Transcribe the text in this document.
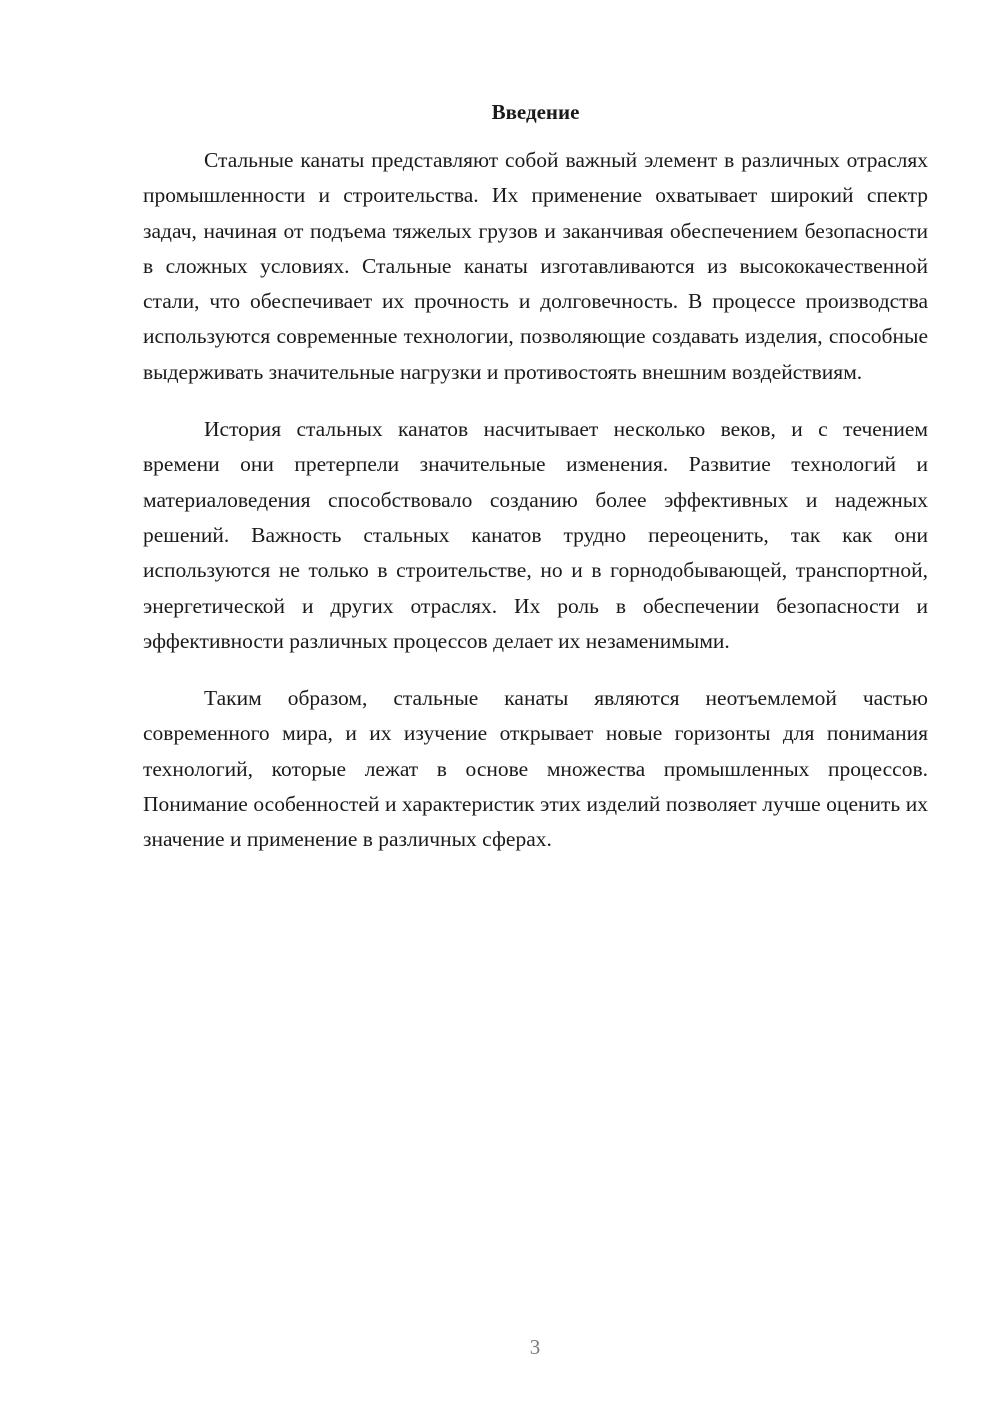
Введение

Стальные канаты представляют собой важный элемент в различных отраслях промышленности и строительства. Их применение охватывает широкий спектр задач, начиная от подъема тяжелых грузов и заканчивая обеспечением безопасности в сложных условиях. Стальные канаты изготавливаются из высококачественной стали, что обеспечивает их прочность и долговечность. В процессе производства используются современные технологии, позволяющие создавать изделия, способные выдерживать значительные нагрузки и противостоять внешним воздействиям.

История стальных канатов насчитывает несколько веков, и с течением времени они претерпели значительные изменения. Развитие технологий и материаловедения способствовало созданию более эффективных и надежных решений. Важность стальных канатов трудно переоценить, так как они используются не только в строительстве, но и в горнодобывающей, транспортной, энергетической и других отраслях. Их роль в обеспечении безопасности и эффективности различных процессов делает их незаменимыми.

Таким образом, стальные канаты являются неотъемлемой частью современного мира, и их изучение открывает новые горизонты для понимания технологий, которые лежат в основе множества промышленных процессов. Понимание особенностей и характеристик этих изделий позволяет лучше оценить их значение и применение в различных сферах.

3
